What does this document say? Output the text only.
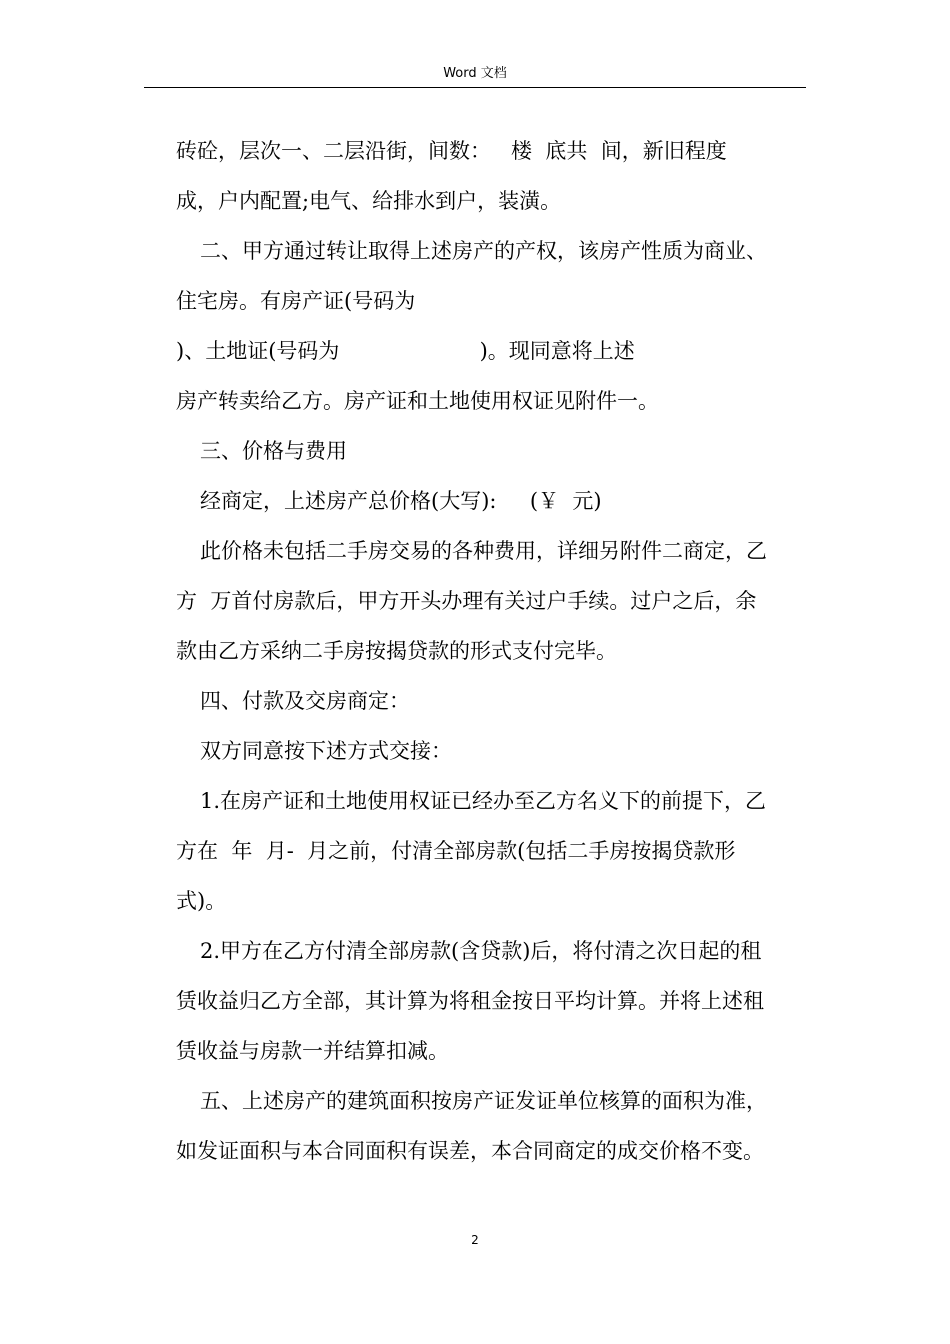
Word 文档
砖砼，层次一、二层沿街，间数：   楼  底共  间，新旧程度
成，户内配置;电气、给排水到户，装潢。
二、甲方通过转让取得上述房产的产权，该房产性质为商业、
住宅房。有房产证(号码为
)、土地证(号码为                     )。现同意将上述
房产转卖给乙方。房产证和土地使用权证见附件一。
三、价格与费用
经商定，上述房产总价格(大写):     (￥  元)
此价格未包括二手房交易的各种费用，详细另附件二商定，乙
方  万首付房款后，甲方开头办理有关过户手续。过户之后，余
款由乙方采纳二手房按揭贷款的形式支付完毕。
四、付款及交房商定：
双方同意按下述方式交接：
1.在房产证和土地使用权证已经办至乙方名义下的前提下，乙
方在  年  月-  月之前，付清全部房款(包括二手房按揭贷款形
式)。
2.甲方在乙方付清全部房款(含贷款)后，将付清之次日起的租
赁收益归乙方全部，其计算为将租金按日平均计算。并将上述租
赁收益与房款一并结算扣减。
五、上述房产的建筑面积按房产证发证单位核算的面积为准，
如发证面积与本合同面积有误差，本合同商定的成交价格不变。
2
